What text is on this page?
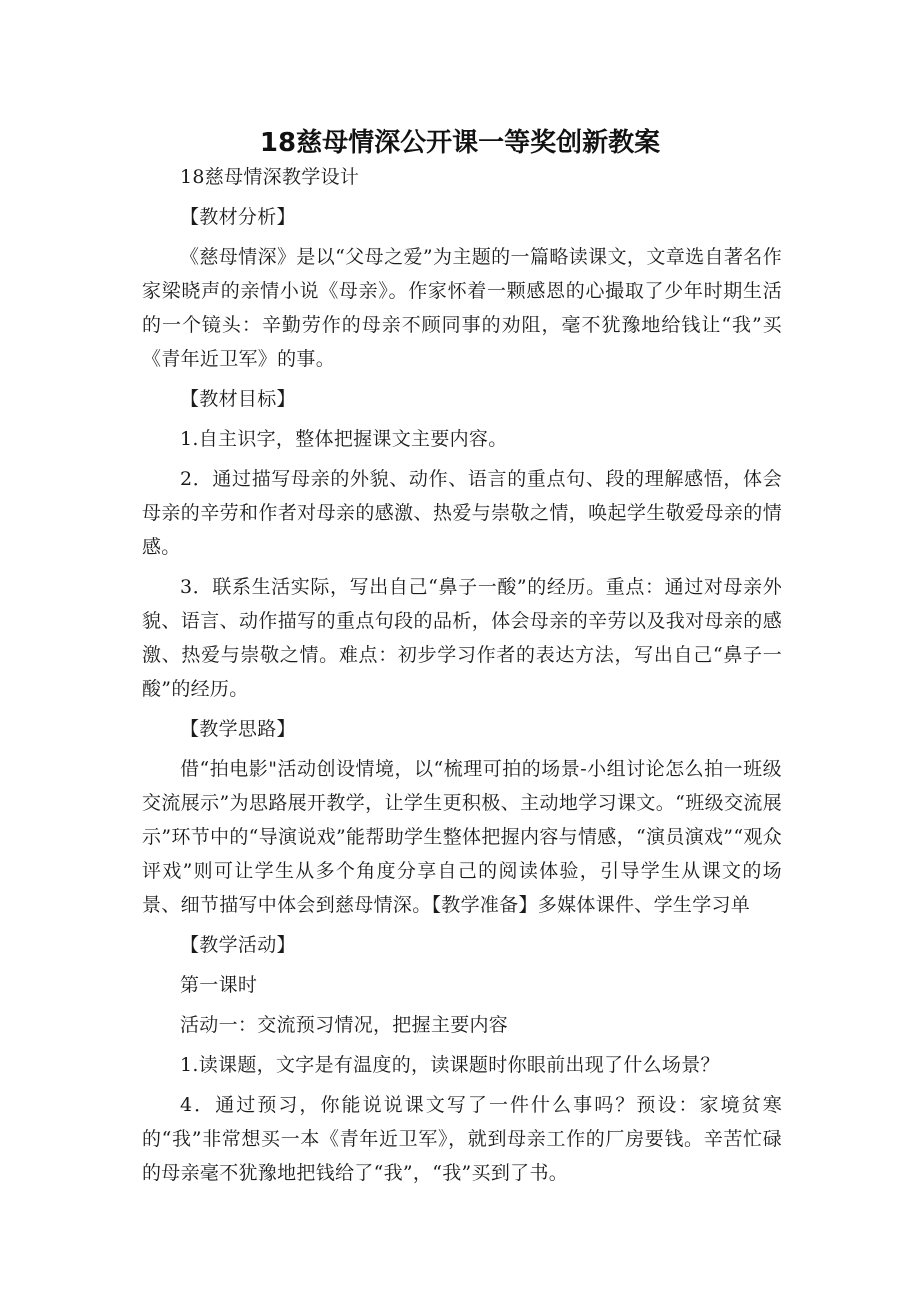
18慈母情深公开课一等奖创新教案

18慈母情深教学设计

【教材分析】

《慈母情深》是以“父母之爱”为主题的一篇略读课文，文章选自著名作家梁晓声的亲情小说《母亲》。作家怀着一颗感恩的心撮取了少年时期生活的一个镜头：辛勤劳作的母亲不顾同事的劝阻，毫不犹豫地给钱让“我”买《青年近卫军》的事。

【教材目标】

1.自主识字，整体把握课文主要内容。

2．通过描写母亲的外貌、动作、语言的重点句、段的理解感悟，体会母亲的辛劳和作者对母亲的感激、热爱与崇敬之情，唤起学生敬爱母亲的情感。

3．联系生活实际，写出自己“鼻子一酸”的经历。重点：通过对母亲外貌、语言、动作描写的重点句段的品析，体会母亲的辛劳以及我对母亲的感激、热爱与崇敬之情。难点：初步学习作者的表达方法，写出自己“鼻子一酸”的经历。

【教学思路】

借“拍电影"活动创设情境，以“梳理可拍的场景-小组讨论怎么拍一班级交流展示”为思路展开教学，让学生更积极、主动地学习课文。“班级交流展示”环节中的“导演说戏”能帮助学生整体把握内容与情感，“演员演戏”“观众评戏”则可让学生从多个角度分享自己的阅读体验，引导学生从课文的场景、细节描写中体会到慈母情深。【教学准备】多媒体课件、学生学习单

【教学活动】

第一课时

活动一：交流预习情况，把握主要内容

1.读课题，文字是有温度的，读课题时你眼前出现了什么场景？

4．通过预习，你能说说课文写了一件什么事吗？预设：家境贫寒的“我”非常想买一本《青年近卫军》，就到母亲工作的厂房要钱。辛苦忙碌的母亲毫不犹豫地把钱给了“我”，“我”买到了书。
